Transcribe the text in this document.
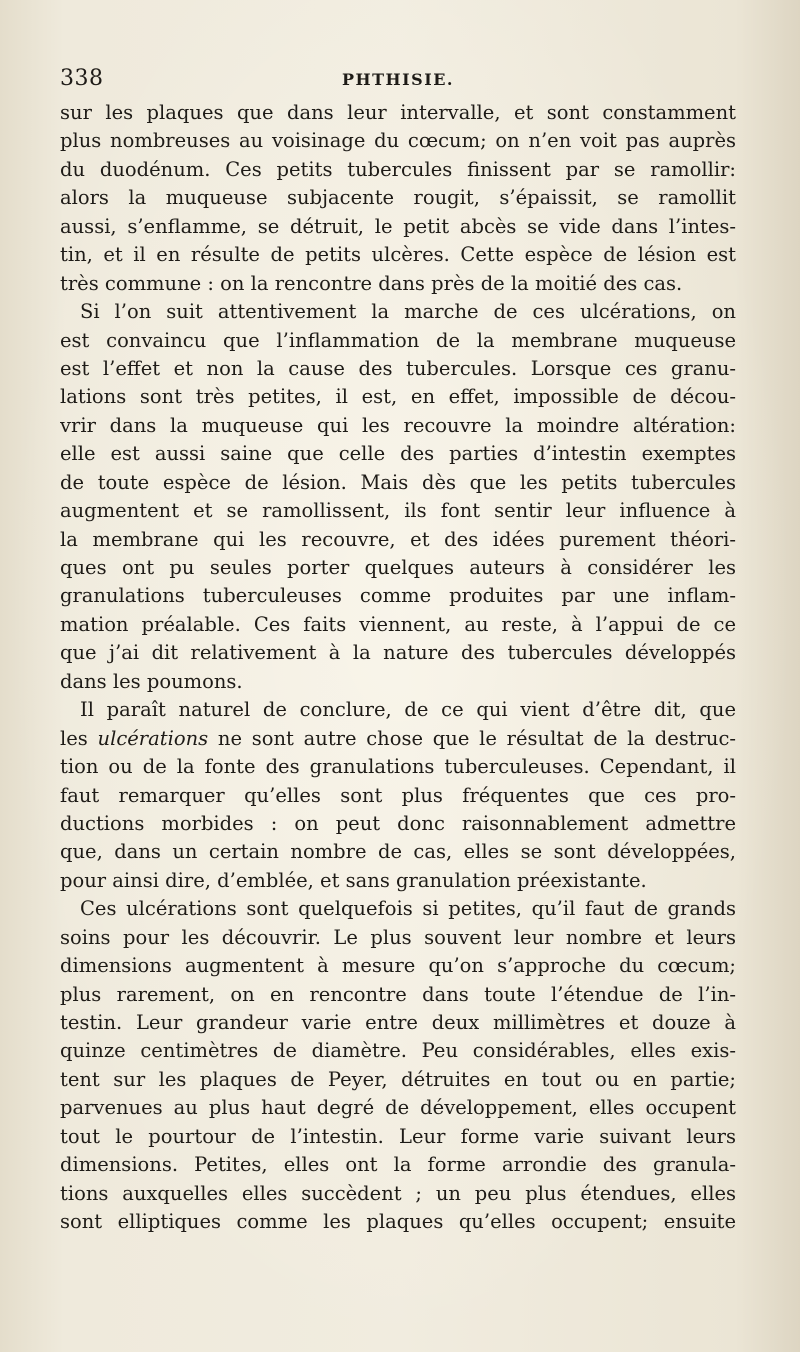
338	PHTHISIE.
sur les plaques que dans leur intervalle, et sont constamment
plus nombreuses au voisinage du cœcum; on n’en voit pas auprès
du duodénum. Ces petits tubercules finissent par se ramollir:
alors la muqueuse subjacente rougit, s’épaissit, se ramollit
aussi, s’enflamme, se détruit, le petit abcès se vide dans l’intes-
tin, et il en résulte de petits ulcères. Cette espèce de lésion est
très commune : on la rencontre dans près de la moitié des cas.
Si l’on suit attentivement la marche de ces ulcérations, on
est convaincu que l’inflammation de la membrane muqueuse
est l’effet et non la cause des tubercules. Lorsque ces granu-
lations sont très petites, il est, en effet, impossible de décou-
vrir dans la muqueuse qui les recouvre la moindre altération:
elle est aussi saine que celle des parties d’intestin exemptes
de toute espèce de lésion. Mais dès que les petits tubercules
augmentent et se ramollissent, ils font sentir leur influence à
la membrane qui les recouvre, et des idées purement théori-
ques ont pu seules porter quelques auteurs à considérer les
granulations tuberculeuses comme produites par une inflam-
mation préalable. Ces faits viennent, au reste, à l’appui de ce
que j’ai dit relativement à la nature des tubercules développés
dans les poumons.
Il paraît naturel de conclure, de ce qui vient d’être dit, que
les ulcérations ne sont autre chose que le résultat de la destruc-
tion ou de la fonte des granulations tuberculeuses. Cependant, il
faut remarquer qu’elles sont plus fréquentes que ces pro-
ductions morbides : on peut donc raisonnablement admettre
que, dans un certain nombre de cas, elles se sont développées,
pour ainsi dire, d’emblée, et sans granulation préexistante.
Ces ulcérations sont quelquefois si petites, qu’il faut de grands
soins pour les découvrir. Le plus souvent leur nombre et leurs
dimensions augmentent à mesure qu’on s’approche du cœcum;
plus rarement, on en rencontre dans toute l’étendue de l’in-
testin. Leur grandeur varie entre deux millimètres et douze à
quinze centimètres de diamètre. Peu considérables, elles exis-
tent sur les plaques de Peyer, détruites en tout ou en partie;
parvenues au plus haut degré de développement, elles occupent
tout le pourtour de l’intestin. Leur forme varie suivant leurs
dimensions. Petites, elles ont la forme arrondie des granula-
tions auxquelles elles succèdent ; un peu plus étendues, elles
sont elliptiques comme les plaques qu’elles occupent; ensuite
